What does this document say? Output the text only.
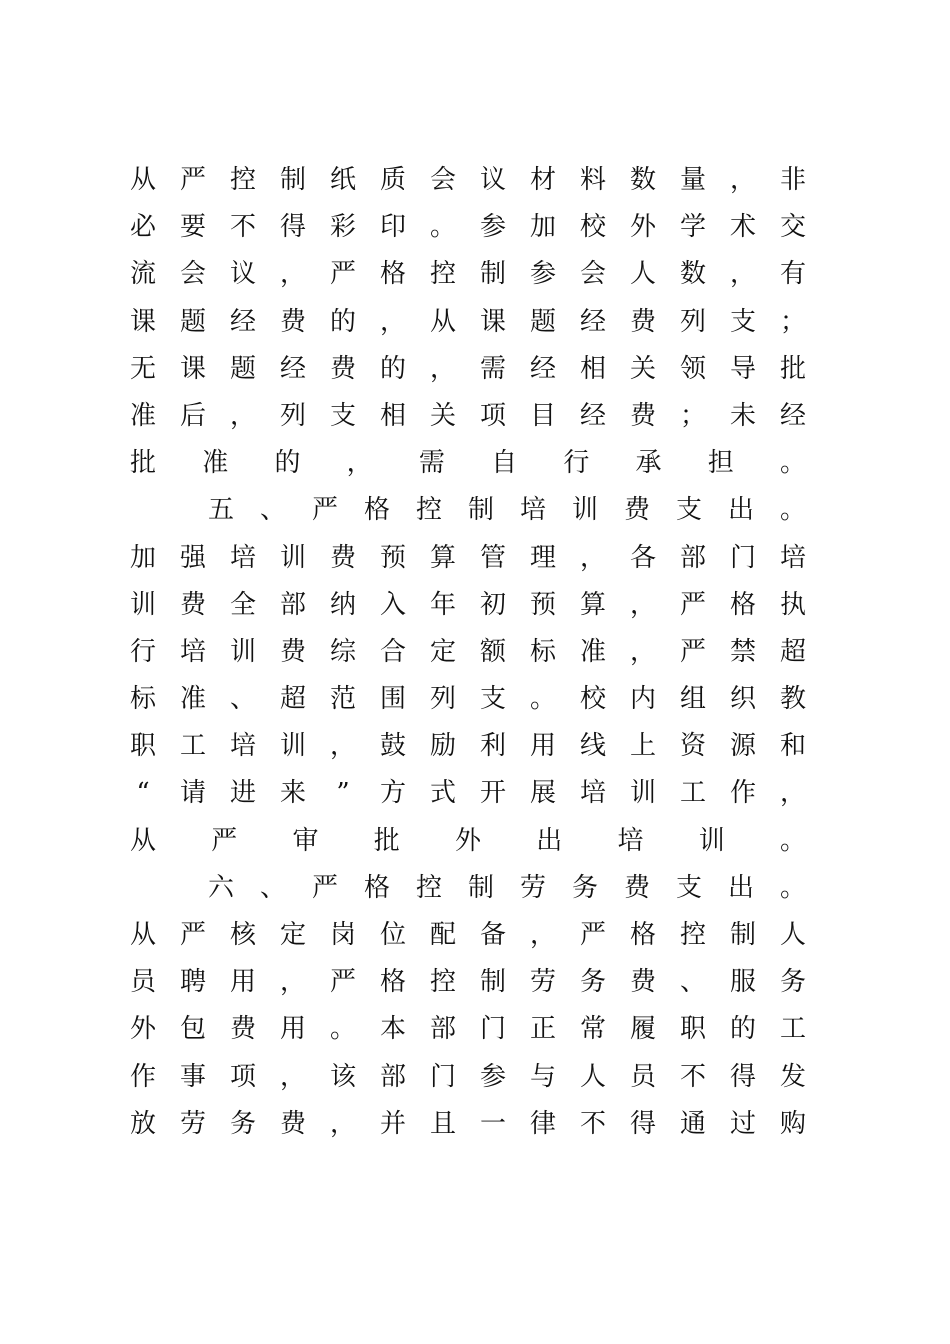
从 严 控 制 纸 质 会 议 材 料 数 量 ， 非
必 要 不 得 彩 印 。 参 加 校 外 学 术 交
流 会 议 ， 严 格 控 制 参 会 人 数 ， 有
课 题 经 费 的 ， 从 课 题 经 费 列 支 ；
无 课 题 经 费 的 ， 需 经 相 关 领 导 批
准 后 ， 列 支 相 关 项 目 经 费 ； 未 经
批 准 的 ， 需 自 行 承 担 。
五 、 严 格 控 制 培 训 费 支 出 。
加 强 培 训 费 预 算 管 理 ， 各 部 门 培
训 费 全 部 纳 入 年 初 预 算 ， 严 格 执
行 培 训 费 综 合 定 额 标 准 ， 严 禁 超
标 准 、 超 范 围 列 支 。 校 内 组 织 教
职 工 培 训 ， 鼓 励 利 用 线 上 资 源 和
“ 请 进 来 ” 方 式 开 展 培 训 工 作 ，
从 严 审 批 外 出 培 训 。
六 、 严 格 控 制 劳 务 费 支 出 。
从 严 核 定 岗 位 配 备 ， 严 格 控 制 人
员 聘 用 ， 严 格 控 制 劳 务 费 、 服 务
外 包 费 用 。 本 部 门 正 常 履 职 的 工
作 事 项 ， 该 部 门 参 与 人 员 不 得 发
放 劳 务 费 ， 并 且 一 律 不 得 通 过 购
